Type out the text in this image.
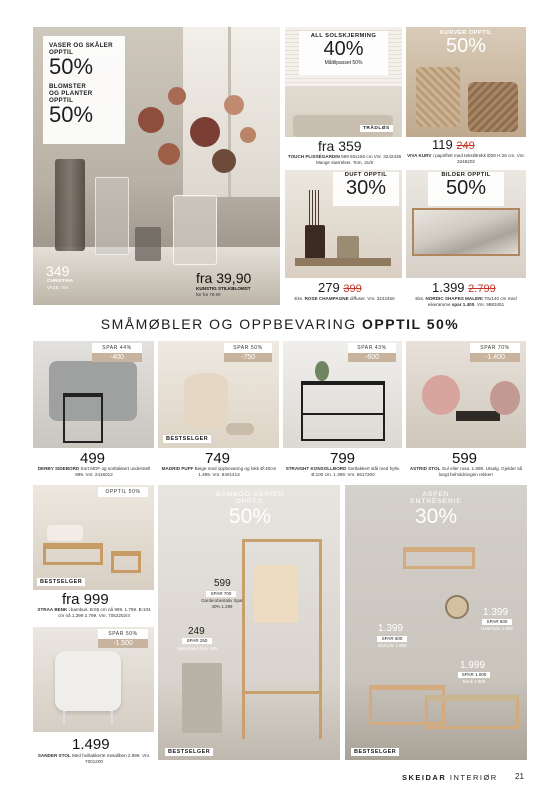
VASER OG SKÅLER
OPPTIL
50%
BLOMSTER
OG PLANTER
OPPTIL
50%
349
CHRISTINA
VASE. Vnr.
fra 39,90
KUNSTIG STILKBLOMST
før fra 79,90
ALL SOLSKJERMING
40%
Måltilpasset 50%
TRÅDLØS
fra 359
TOUCH PLISSÉGARDIN 599 80x160 cm Vnr. 3242436 Mange størrelser. Tom. 31/8
KURVER OPPTIL
50%
119 249
VIVA KURV i papirflett med tekstiltrekk Ø28 H:25 cm. Vnr. 3246202
DUFT OPPTIL
30%
279 399
Eks. ROSE CHAMPAGNE diffuser. Vnr. 3242450
BILDER OPPTIL
50%
1.399 2.799
Eks. NORDIC SHAPES MALERI 70x140 cm med eikeramme spar 1.400. Vnr. 9883451
SMÅMØBLER OG OPPBEVARING OPPTIL 50%
SPAR 44%
-400
499
DERBY SIDEBORD Sort MDF og sortlakkert understell 899. Vnr. 2416012
SPAR 50%
-750
BESTSELGER
749
MADRID PUFF Beige med oppbevaring og lokk Ø:40cm 1.499. Vnr. 8401413
SPAR 43%
-600
799
STRAIGHT KONSOLLBORD Sortlakkert stål med hylle. B:100 cm. 1.399. Vnr. 6617200
SPAR 70%
-1.400
599
ASTRID STOL Gul eller rosa. 1.999. Utsalg. Gjelder så langt beholdningen rekker!
OPPTIL 50%
BESTSELGER
fra 999
STRAA BENK i bambus. B:65 cm nå 999. 1.799. B:104 cm nå 1.399 2.799. Vnr. 7052202/4
SPAR 50%
-1.500
1.499
SANDER STOL Med hvitlakkerte metallben 2.999. Vnr. 7001200
BAMBOO-SERIEN
OPPTIL
50%
599
SPAR 700
Garderobestativ Spar 40% 1.299
249
SPAR 250
Skittentøys-kurv 499
BESTSELGER
ASPEN
ENTRÉSERIE
30%
1.399
SPAR 600
Skohylle 1.999
1.399
SPAR 600
Hattehylle 1.999
1.999
SPAR 1.000
Benk 2.999
BESTSELGER
SKEIDAR INTERIØR 21
